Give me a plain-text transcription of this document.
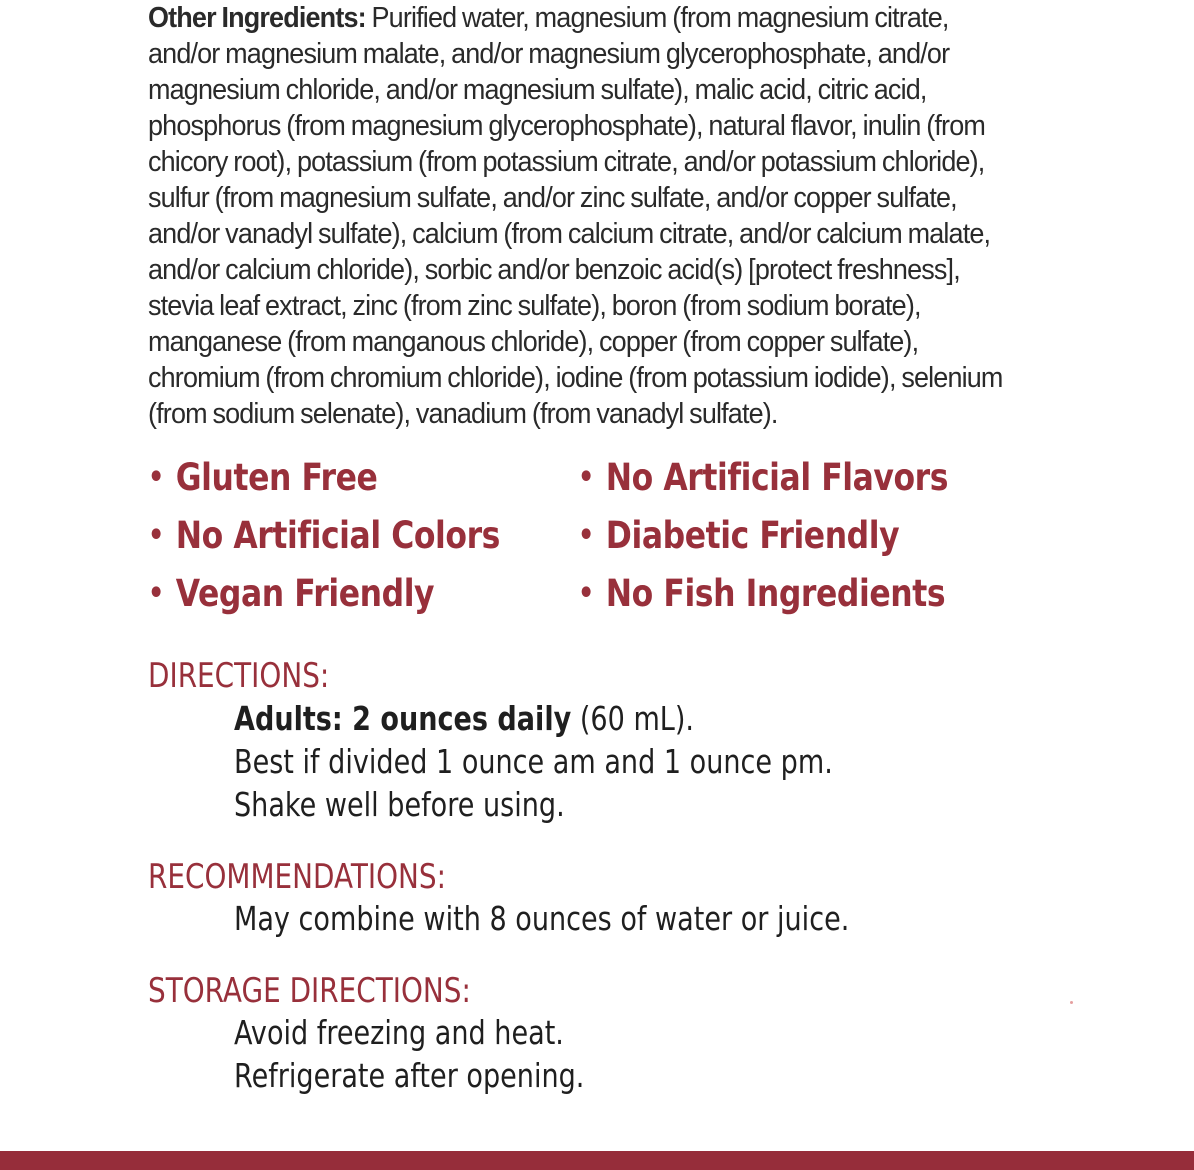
Other Ingredients: Purified water, magnesium (from magnesium citrate,
and/or magnesium malate, and/or magnesium glycerophosphate, and/or
magnesium chloride, and/or magnesium sulfate), malic acid, citric acid,
phosphorus (from magnesium glycerophosphate), natural flavor, inulin (from
chicory root), potassium (from potassium citrate, and/or potassium chloride),
sulfur (from magnesium sulfate, and/or zinc sulfate, and/or copper sulfate,
and/or vanadyl sulfate), calcium (from calcium citrate, and/or calcium malate,
and/or calcium chloride), sorbic and/or benzoic acid(s) [protect freshness],
stevia leaf extract, zinc (from zinc sulfate), boron (from sodium borate),
manganese (from manganous chloride), copper (from copper sulfate),
chromium (from chromium chloride), iodine (from potassium iodide), selenium
(from sodium selenate), vanadium (from vanadyl sulfate).
• Gluten Free	• No Artificial Flavors
• No Artificial Colors	• Diabetic Friendly
• Vegan Friendly	• No Fish Ingredients
DIRECTIONS:
Adults: 2 ounces daily (60 mL).
Best if divided 1 ounce am and 1 ounce pm.
Shake well before using.
RECOMMENDATIONS:
May combine with 8 ounces of water or juice.
STORAGE DIRECTIONS:
Avoid freezing and heat.
Refrigerate after opening.
